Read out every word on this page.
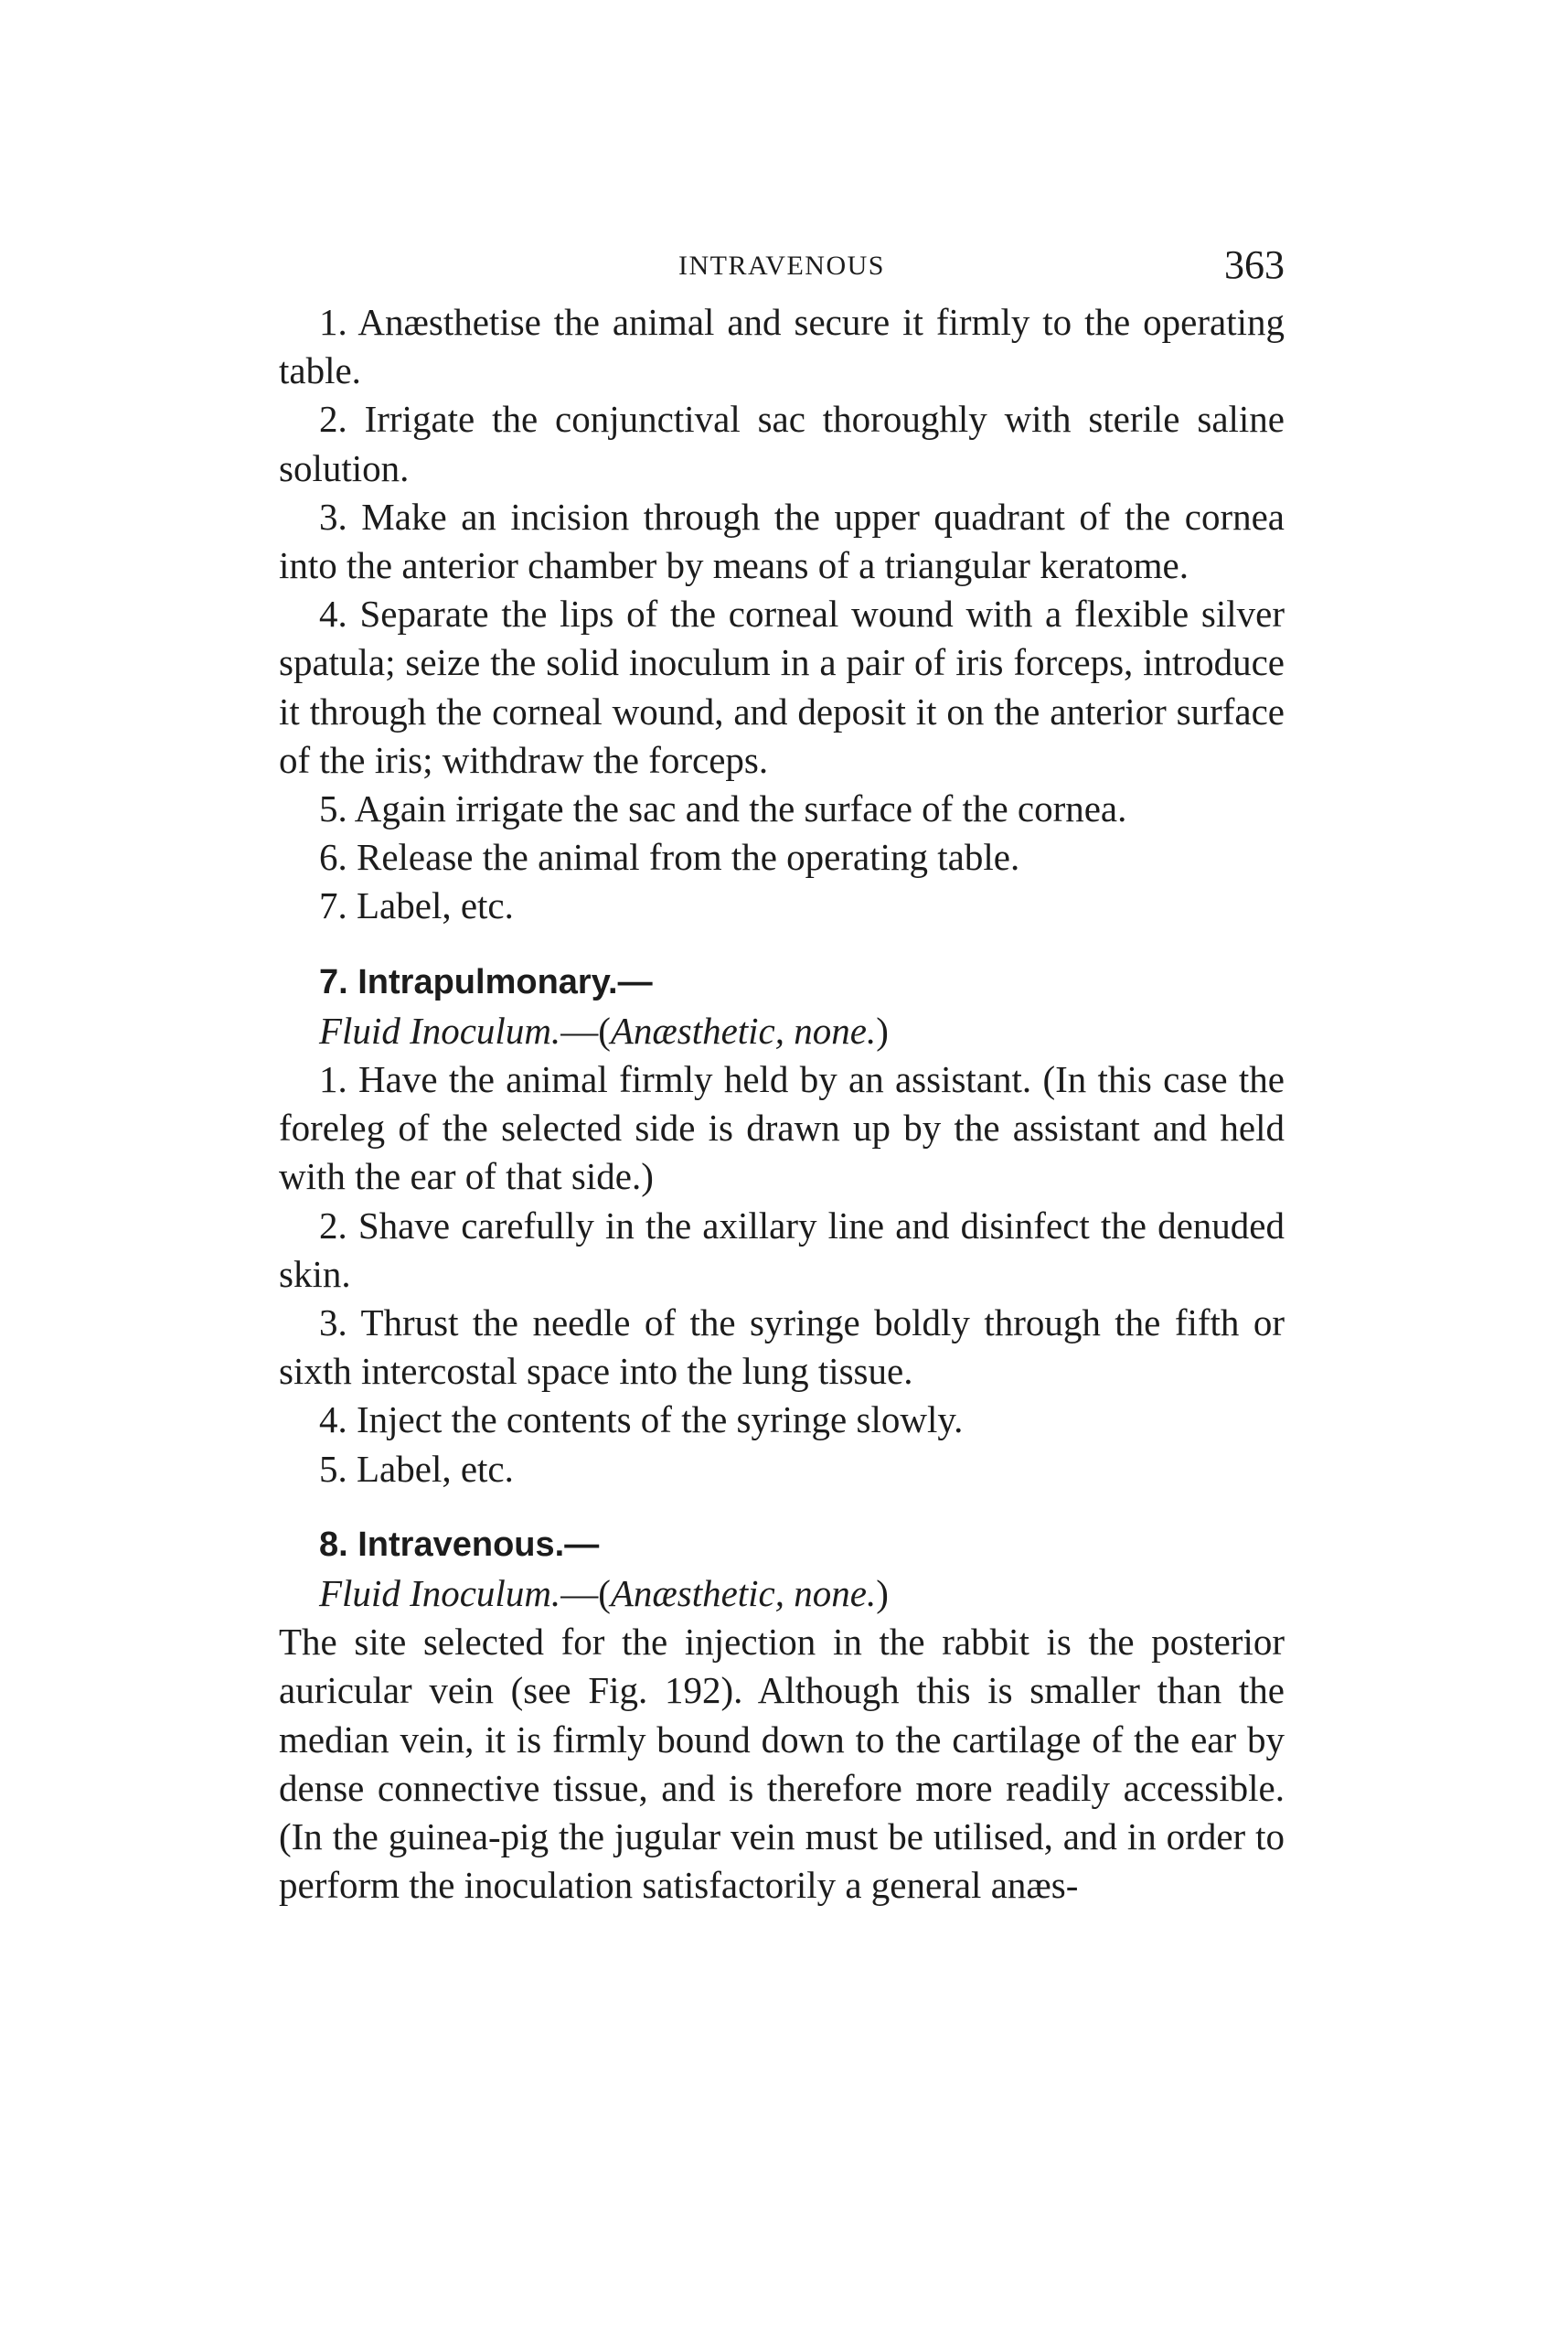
INTRAVENOUS	363

1. Anæsthetise the animal and secure it firmly to the operating table.

2. Irrigate the conjunctival sac thoroughly with sterile saline solution.

3. Make an incision through the upper quadrant of the cornea into the anterior chamber by means of a triangular keratome.

4. Separate the lips of the corneal wound with a flexible silver spatula; seize the solid inoculum in a pair of iris forceps, introduce it through the corneal wound, and deposit it on the anterior surface of the iris; withdraw the forceps.

5. Again irrigate the sac and the surface of the cornea.

6. Release the animal from the operating table.

7. Label, etc.

7. Intrapulmonary.—

Fluid Inoculum.—(Anæsthetic, none.)

1. Have the animal firmly held by an assistant. (In this case the foreleg of the selected side is drawn up by the assistant and held with the ear of that side.)

2. Shave carefully in the axillary line and disinfect the denuded skin.

3. Thrust the needle of the syringe boldly through the fifth or sixth intercostal space into the lung tissue.

4. Inject the contents of the syringe slowly.

5. Label, etc.

8. Intravenous.—

Fluid Inoculum.—(Anæsthetic, none.)

The site selected for the injection in the rabbit is the posterior auricular vein (see Fig. 192). Although this is smaller than the median vein, it is firmly bound down to the cartilage of the ear by dense connective tissue, and is therefore more readily accessible. (In the guinea-pig the jugular vein must be utilised, and in order to perform the inoculation satisfactorily a general anæs-
